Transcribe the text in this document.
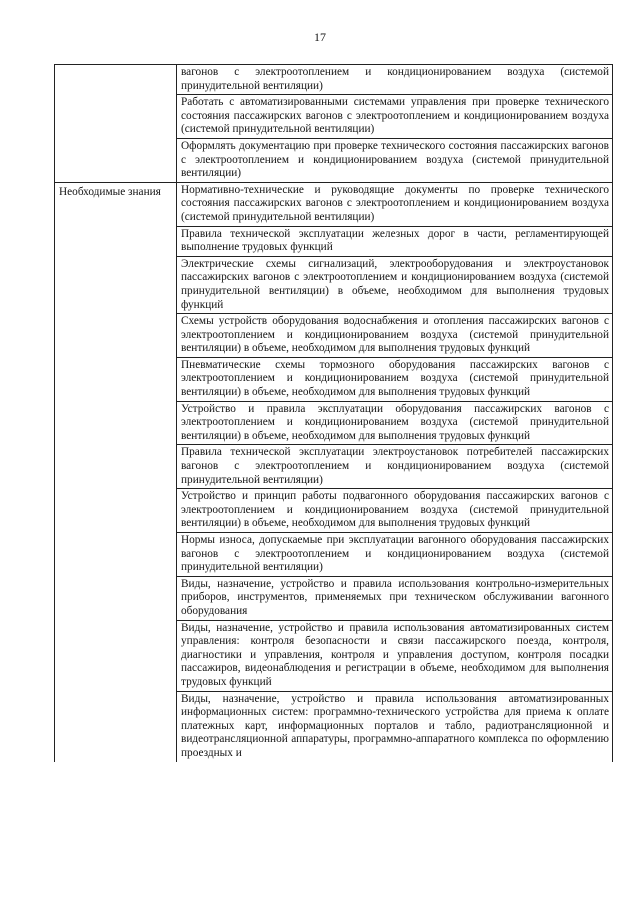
17
	вагонов с электроотоплением и кондиционированием воздуха (системой принудительной вентиляции)
	Работать с автоматизированными системами управления при проверке технического состояния пассажирских вагонов с электроотоплением и кондиционированием воздуха (системой принудительной вентиляции)
	Оформлять документацию при проверке технического состояния пассажирских вагонов с электроотоплением и кондиционированием воздуха (системой принудительной вентиляции)
Необходимые знания	Нормативно-технические и руководящие документы по проверке технического состояния пассажирских вагонов с электроотоплением и кондиционированием воздуха (системой принудительной вентиляции)
	Правила технической эксплуатации железных дорог в части, регламентирующей выполнение трудовых функций
	Электрические схемы сигнализаций, электрооборудования и электроустановок пассажирских вагонов с электроотоплением и кондиционированием воздуха (системой принудительной вентиляции) в объеме, необходимом для выполнения трудовых функций
	Схемы устройств оборудования водоснабжения и отопления пассажирских вагонов с электроотоплением и кондиционированием воздуха (системой принудительной вентиляции) в объеме, необходимом для выполнения трудовых функций
	Пневматические схемы тормозного оборудования пассажирских вагонов с электроотоплением и кондиционированием воздуха (системой принудительной вентиляции) в объеме, необходимом для выполнения трудовых функций
	Устройство и правила эксплуатации оборудования пассажирских вагонов с электроотоплением и кондиционированием воздуха (системой принудительной вентиляции) в объеме, необходимом для выполнения трудовых функций
	Правила технической эксплуатации электроустановок потребителей пассажирских вагонов с электроотоплением и кондиционированием воздуха (системой принудительной вентиляции)
	Устройство и принцип работы подвагонного оборудования пассажирских вагонов с электроотоплением и кондиционированием воздуха (системой принудительной вентиляции) в объеме, необходимом для выполнения трудовых функций
	Нормы износа, допускаемые при эксплуатации вагонного оборудования пассажирских вагонов с электроотоплением и кондиционированием воздуха (системой принудительной вентиляции)
	Виды, назначение, устройство и правила использования контрольно-измерительных приборов, инструментов, применяемых при техническом обслуживании вагонного оборудования
	Виды, назначение, устройство и правила использования автоматизированных систем управления: контроля безопасности и связи пассажирского поезда, контроля, диагностики и управления, контроля и управления доступом, контроля посадки пассажиров, видеонаблюдения и регистрации в объеме, необходимом для выполнения трудовых функций
	Виды, назначение, устройство и правила использования автоматизированных информационных систем: программно-технического устройства для приема к оплате платежных карт, информационных порталов и табло, радиотрансляционной и видеотрансляционной аппаратуры, программно-аппаратного комплекса по оформлению проездных и
